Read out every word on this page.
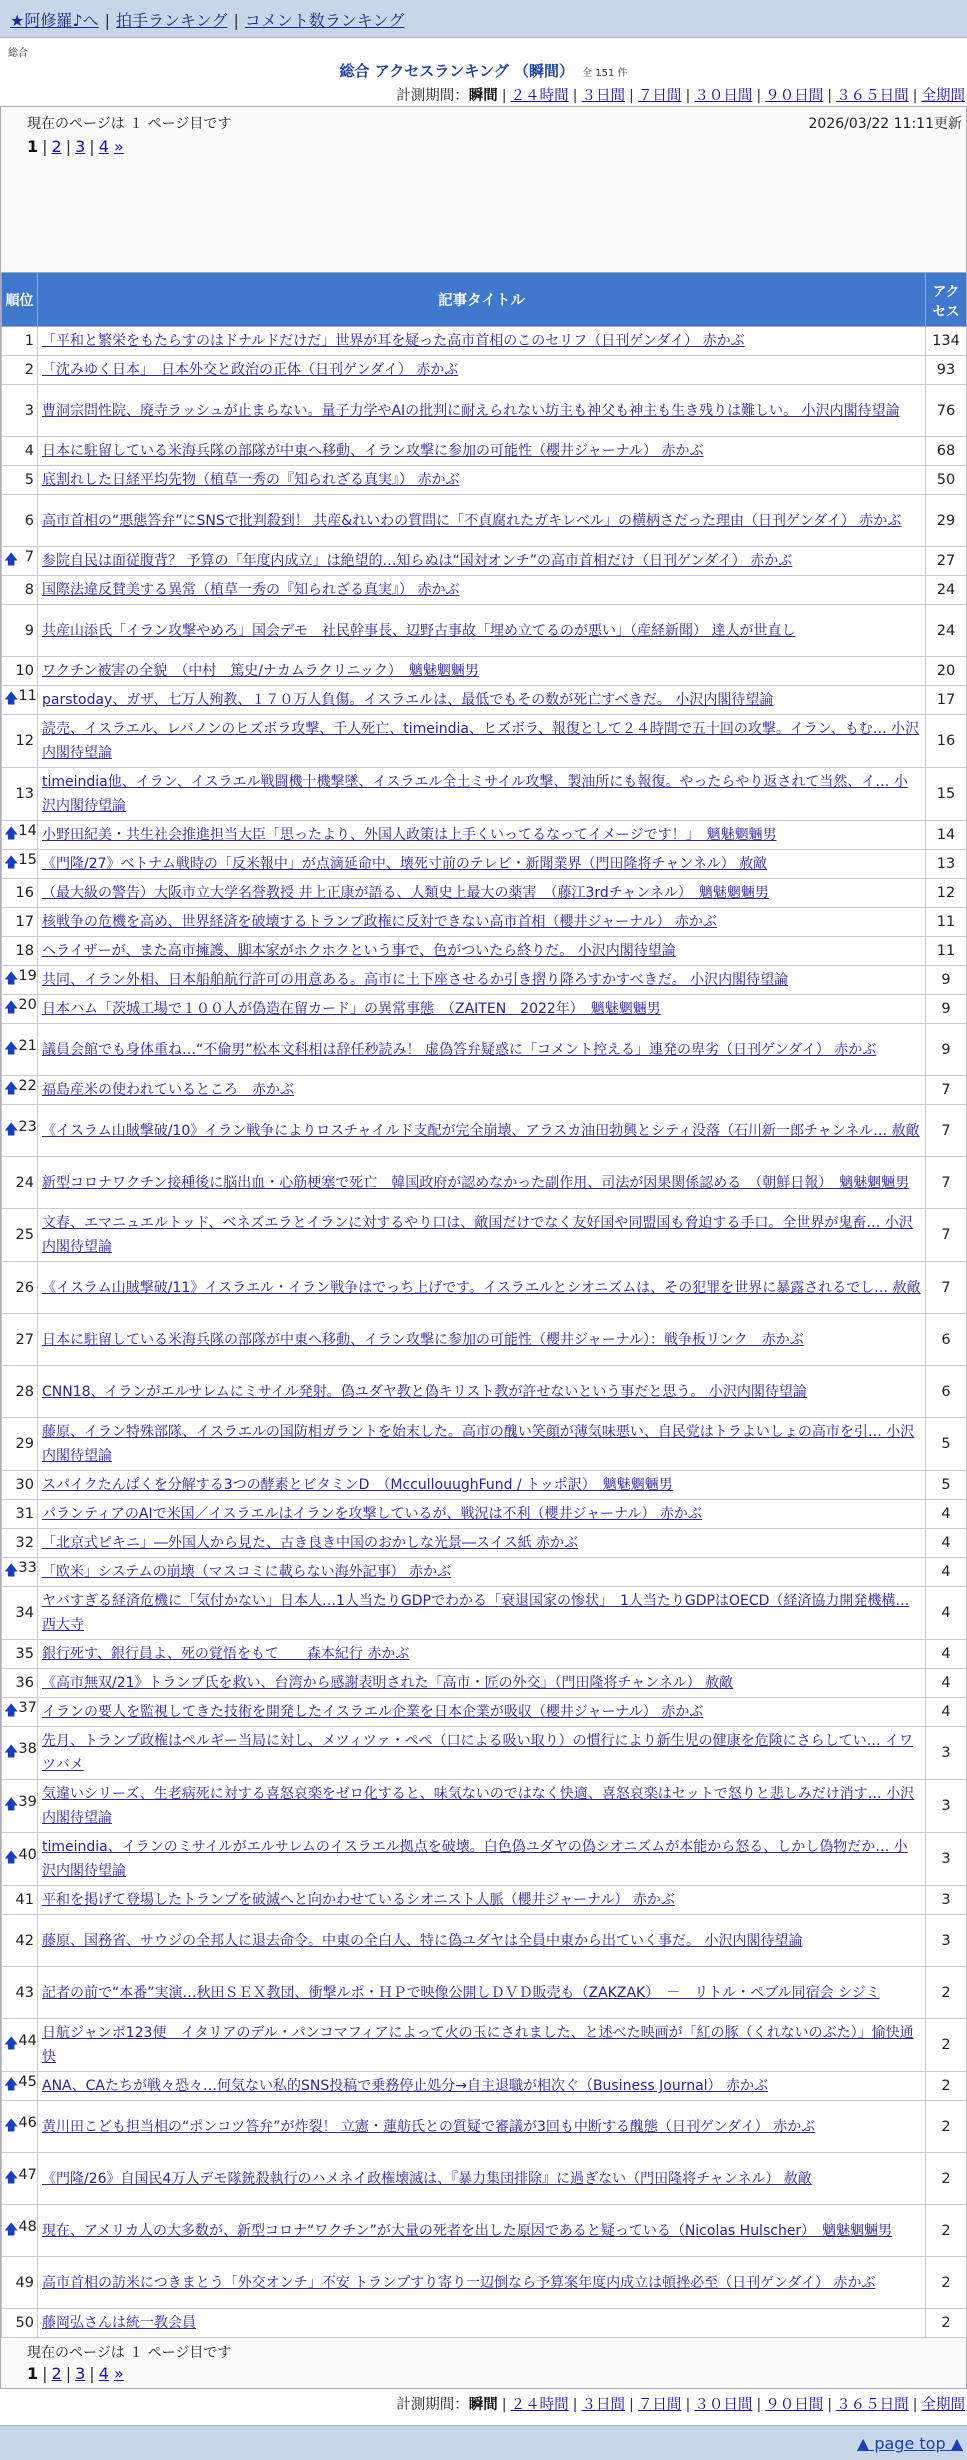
★阿修羅♪へ | 拍手ランキング | コメント数ランキング
総合
総合 アクセスランキング （瞬間） 全 151 件
計測期間：瞬間 | ２４時間 | ３日間 | ７日間 | ３０日間 | ９０日間 | ３６５日間 | 全期間
現在のページは １ ページ目です	2026/03/22 11:11更新
1 | 2 | 3 | 4 »
順位	記事タイトル	アクセス
1	「平和と繁栄をもたらすのはドナルドだけだ」世界が耳を疑った高市首相のこのセリフ（日刊ゲンダイ） 赤かぶ	134
2	「沈みゆく日本」　日本外交と政治の正体（日刊ゲンダイ） 赤かぶ	93
3	曹洞宗問性院、廃寺ラッシュが止まらない。量子力学やAIの批判に耐えられない坊主も神父も神主も生き残りは難しい。 小沢内閣待望論	76
4	日本に駐留している米海兵隊の部隊が中東へ移動、イラン攻撃に参加の可能性（櫻井ジャーナル） 赤かぶ	68
5	底割れした日経平均先物（植草一秀の『知られざる真実』） 赤かぶ	50
6	高市首相の“悪態答弁”にSNSで批判殺到！ 共産&れいわの質問に「不貞腐れたガキレベル」の横柄さだった理由（日刊ゲンダイ） 赤かぶ	29

🡅 7	参院自民は面従腹背？ 予算の「年度内成立」は絶望的…知らぬは“国対オンチ”の高市首相だけ（日刊ゲンダイ） 赤かぶ	27
8	国際法違反賛美する異常（植草一秀の『知られざる真実』） 赤かぶ	24
9	共産山添氏「イラン攻撃やめろ」国会デモ　社民幹事長、辺野古事故「埋め立てるのが悪い」（産経新聞） 達人が世直し	24
10	ワクチン被害の全貌　（中村　篤史/ナカムラクリニック）　魑魅魍魎男	20

🡅 11	parstoday、ガザ、七万人殉教、１７０万人負傷。イスラエルは、最低でもその数が死亡すべきだ。 小沢内閣待望論	17
12	読売、イスラエル、レバノンのヒズボラ攻撃、千人死亡、timeindia、ヒズボラ、報復として２４時間で五十回の攻撃。イラン、もむ… 小沢内閣待望論	16
13	timeindia他、イラン、イスラエル戦闘機十機撃墜、イスラエル全土ミサイル攻撃、製油所にも報復。やったらやり返されて当然、イ… 小沢内閣待望論	15

🡅 14	小野田紀美・共生社会推進担当大臣「思ったより、外国人政策は上手くいってるなってイメージです！」　魑魅魍魎男	14

🡅 15	《門隆/27》ベトナム戦時の「反米報中」が点滴延命中、壊死寸前のテレビ・新聞業界（門田隆将チャンネル） 赦敵	13
16	（最大級の警告）大阪市立大学名誉教授 井上正康が語る、人類史上最大の薬害　（藤江3rdチャンネル）　魑魅魍魎男	12
17	核戦争の危機を高め、世界経済を破壊するトランプ政権に反対できない高市首相（櫻井ジャーナル） 赤かぶ	11
18	ヘライザーが、また高市擁護、脚本家がホクホクという事で、色がついたら終りだ。 小沢内閣待望論	11

🡅 19	共同、イラン外相、日本船舶航行許可の用意ある。高市に土下座させるか引き摺り降ろすかすべきだ。 小沢内閣待望論	9

🡅 20	日本ハム「茨城工場で１００人が偽造在留カード」の異常事態　（ZAITEN　2022年）　魑魅魍魎男	9

🡅 21	議員会館でも身体重ね…“不倫男”松本文科相は辞任秒読み！ 虚偽答弁疑惑に「コメント控える」連発の卑劣（日刊ゲンダイ） 赤かぶ	9

🡅 22	福島産米の使われているところ　赤かぶ	7

🡅 23	《イスラム山賊撃破/10》イラン戦争によりロスチャイルド支配が完全崩壊、アラスカ油田勃興とシティ没落（石川新一郎チャンネル… 赦敵	7
24	新型コロナワクチン接種後に脳出血・心筋梗塞で死亡　韓国政府が認めなかった副作用、司法が因果関係認める　（朝鮮日報）　魑魅魍魎男	7
25	文春、エマニュエルトッド、ベネズエラとイランに対するやり口は、敵国だけでなく友好国や同盟国も脅迫する手口。全世界が鬼畜… 小沢内閣待望論	7
26	《イスラム山賊撃破/11》イスラエル・イラン戦争はでっち上げです。イスラエルとシオニズムは、その犯罪を世界に暴露されるでし… 赦敵	7
27	日本に駐留している米海兵隊の部隊が中東へ移動、イラン攻撃に参加の可能性（櫻井ジャーナル）：戦争板リンク　赤かぶ	6
28	CNN18、イランがエルサレムにミサイル発射。偽ユダヤ教と偽キリスト教が許せないという事だと思う。 小沢内閣待望論	6
29	藤原、イラン特殊部隊、イスラエルの国防相ガラントを始末した。高市の醜い笑顔が薄気味悪い、自民党はトラよいしょの高市を引… 小沢内閣待望論	5
30	スパイクたんぱくを分解する3つの酵素とビタミンD　（MccullouughFund / トッポ訳）　魑魅魍魎男	5
31	パランティアのAIで米国／イスラエルはイランを攻撃しているが、戦況は不利（櫻井ジャーナル） 赤かぶ	4
32	「北京式ピキニ」―外国人から見た、古き良き中国のおかしな光景―スイス紙 赤かぶ	4

🡅 33	「欧米」システムの崩壊（マスコミに載らない海外記事） 赤かぶ	4
34	ヤバすぎる経済危機に「気付かない」日本人…1人当たりGDPでわかる「衰退国家の惨状」　1人当たりGDPはOECD（経済協力開発機構… 西大寺	4
35	銀行死す、銀行員よ、死の覚悟をもて　　森本紀行 赤かぶ	4
36	《高市無双/21》トランプ氏を救い、台湾から感謝表明された「高市・匠の外交」（門田隆将チャンネル） 赦敵	4

🡅 37	イランの要人を監視してきた技術を開発したイスラエル企業を日本企業が吸収（櫻井ジャーナル） 赤かぶ	4

🡅 38	先月、トランプ政権はペルギー当局に対し、メツィツァ・ペペ（口による吸い取り）の慣行により新生児の健康を危険にさらしてい… イワツバメ	3

🡅 39	気違いシリーズ、生老病死に対する喜怒哀楽をゼロ化すると、味気ないのではなく快適、喜怒哀楽はセットで怒りと悲しみだけ消す… 小沢内閣待望論	3

🡅 40	timeindia、イランのミサイルがエルサレムのイスラエル拠点を破壊。白色偽ユダヤの偽シオニズムが本能から怒る、しかし偽物だか… 小沢内閣待望論	3
41	平和を掲げて登場したトランプを破滅へと向かわせているシオニスト人脈（櫻井ジャーナル） 赤かぶ	3
42	藤原、国務省、サウジの全邦人に退去命令。中東の全白人、特に偽ユダヤは全員中東から出ていく事だ。 小沢内閣待望論	3
43	記者の前で“本番”実演…秋田ＳＥＸ教団、衝撃ルポ・ＨＰで映像公開しＤＶＤ販売も（ZAKZAK）　－　リトル・ペブル同宿会 シジミ	2

🡅 44	日航ジャンボ123便　イタリアのデル・パンコマフィアによって火の玉にされました、と述べた映画が「紅の豚（くれないのぶた）」愉快通快	2

🡅 45	ANA、CAたちが戦々恐々…何気ない私的SNS投稿で乗務停止処分→自主退職が相次ぐ（Business Journal） 赤かぶ	2

🡅 46	黄川田こども担当相の“ポンコツ答弁”が炸裂！ 立憲・蓮舫氏との質疑で審議が3回も中断する醜態（日刊ゲンダイ） 赤かぶ	2

🡅 47	《門隆/26》自国民4万人デモ隊銃殺執行のハメネイ政権壊滅は、『暴力集団排除』に過ぎない（門田隆将チャンネル） 赦敵	2

🡅 48	現在、アメリカ人の大多数が、新型コロナ“ワクチン”が大量の死者を出した原因であると疑っている（Nicolas Hulscher）　魑魅魍魎男	2
49	高市首相の訪米につきまとう「外交オンチ」不安 トランプすり寄り一辺倒なら予算案年度内成立は頓挫必至（日刊ゲンダイ） 赤かぶ	2
50	藤岡弘さんは統一教会員	2
現在のページは １ ページ目です
1 | 2 | 3 | 4 »
▲ page top ▲
計測期間：瞬間 | ２４時間 | ３日間 | ７日間 | ３０日間 | ９０日間 | ３６５日間 | 全期間
